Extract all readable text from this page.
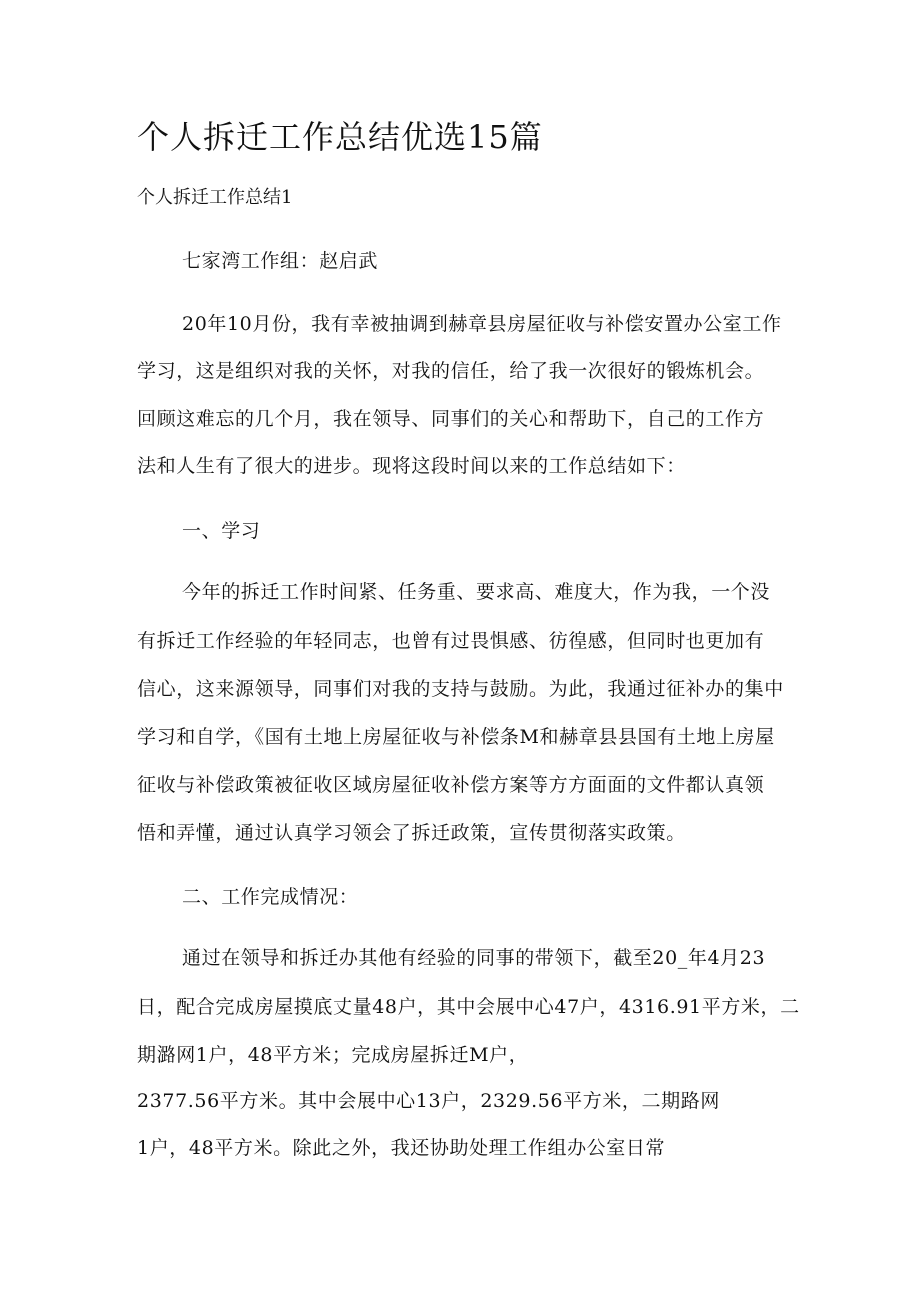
个人拆迁工作总结优选15篇
个人拆迁工作总结1
七家湾工作组：赵启武
20年10月份，我有幸被抽调到赫章县房屋征收与补偿安置办公室工作
学习，这是组织对我的关怀，对我的信任，给了我一次很好的锻炼机会。
回顾这难忘的几个月，我在领导、同事们的关心和帮助下，自己的工作方
法和人生有了很大的进步。现将这段时间以来的工作总结如下：
一、学习
今年的拆迁工作时间紧、任务重、要求高、难度大，作为我，一个没
有拆迁工作经验的年轻同志，也曾有过畏惧感、彷徨感，但同时也更加有
信心，这来源领导，同事们对我的支持与鼓励。为此，我通过征补办的集中
学习和自学，《国有土地上房屋征收与补偿条M和赫章县县国有土地上房屋
征收与补偿政策被征收区域房屋征收补偿方案等方方面面的文件都认真领
悟和弄懂，通过认真学习领会了拆迁政策，宣传贯彻落实政策。
二、工作完成情况：
通过在领导和拆迁办其他有经验的同事的带领下，截至20_年4月23
日，配合完成房屋摸底丈量48户，其中会展中心47户，4316.91平方米，二
期潞网1户，48平方米；完成房屋拆迁M户，
2377.56平方米。其中会展中心13户，2329.56平方米，二期路网
1户，48平方米。除此之外，我还协助处理工作组办公室日常
